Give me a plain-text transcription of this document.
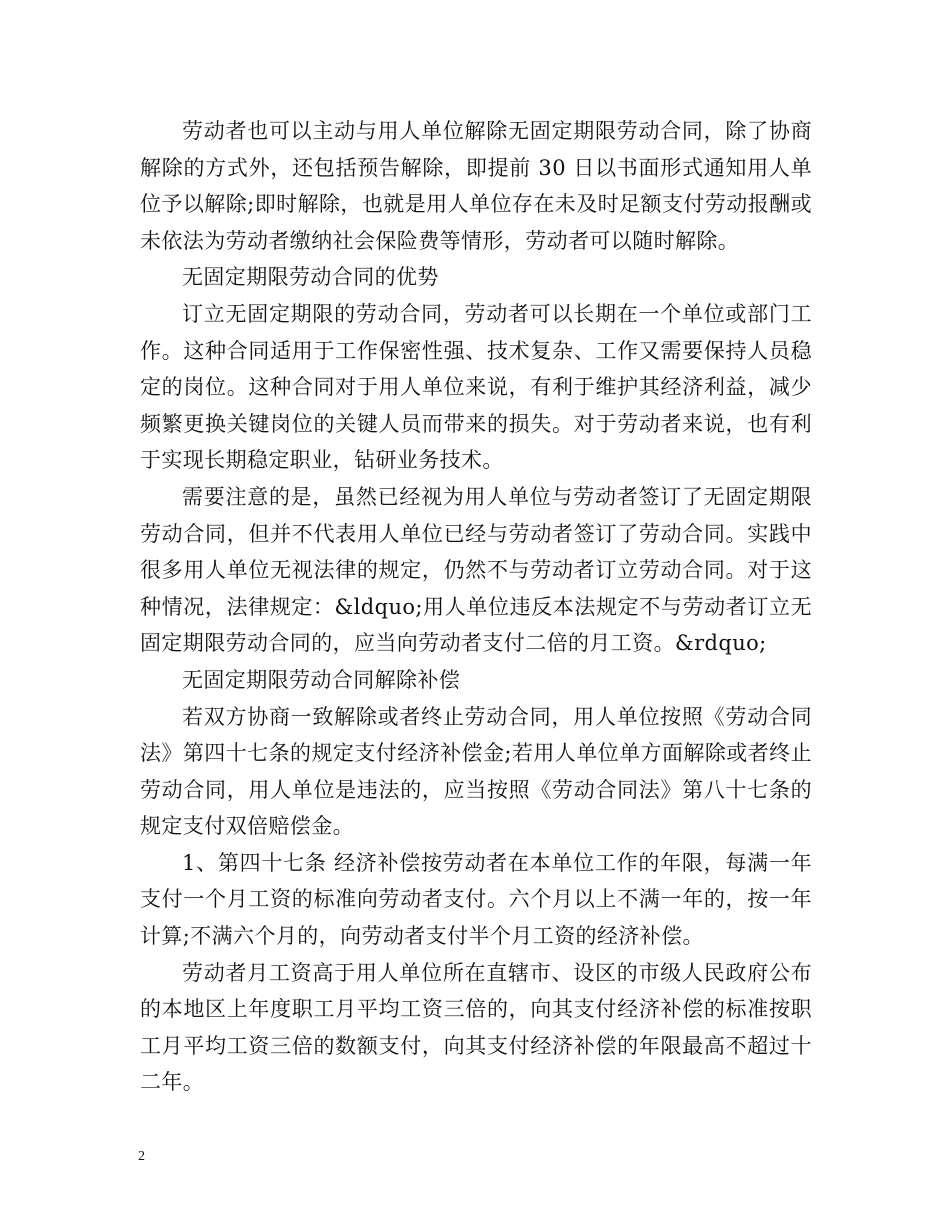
劳动者也可以主动与用人单位解除无固定期限劳动合同，除了协商解除的方式外，还包括预告解除，即提前 30 日以书面形式通知用人单位予以解除;即时解除，也就是用人单位存在未及时足额支付劳动报酬或未依法为劳动者缴纳社会保险费等情形，劳动者可以随时解除。

无固定期限劳动合同的优势

订立无固定期限的劳动合同，劳动者可以长期在一个单位或部门工作。这种合同适用于工作保密性强、技术复杂、工作又需要保持人员稳定的岗位。这种合同对于用人单位来说，有利于维护其经济利益，减少频繁更换关键岗位的关键人员而带来的损失。对于劳动者来说，也有利于实现长期稳定职业，钻研业务技术。

需要注意的是，虽然已经视为用人单位与劳动者签订了无固定期限劳动合同，但并不代表用人单位已经与劳动者签订了劳动合同。实践中很多用人单位无视法律的规定，仍然不与劳动者订立劳动合同。对于这种情况，法律规定：&ldquo;用人单位违反本法规定不与劳动者订立无固定期限劳动合同的，应当向劳动者支付二倍的月工资。&rdquo;

无固定期限劳动合同解除补偿

若双方协商一致解除或者终止劳动合同，用人单位按照《劳动合同法》第四十七条的规定支付经济补偿金;若用人单位单方面解除或者终止劳动合同，用人单位是违法的，应当按照《劳动合同法》第八十七条的规定支付双倍赔偿金。

1、第四十七条 经济补偿按劳动者在本单位工作的年限，每满一年支付一个月工资的标准向劳动者支付。六个月以上不满一年的，按一年计算;不满六个月的，向劳动者支付半个月工资的经济补偿。

劳动者月工资高于用人单位所在直辖市、设区的市级人民政府公布的本地区上年度职工月平均工资三倍的，向其支付经济补偿的标准按职工月平均工资三倍的数额支付，向其支付经济补偿的年限最高不超过十二年。

2
